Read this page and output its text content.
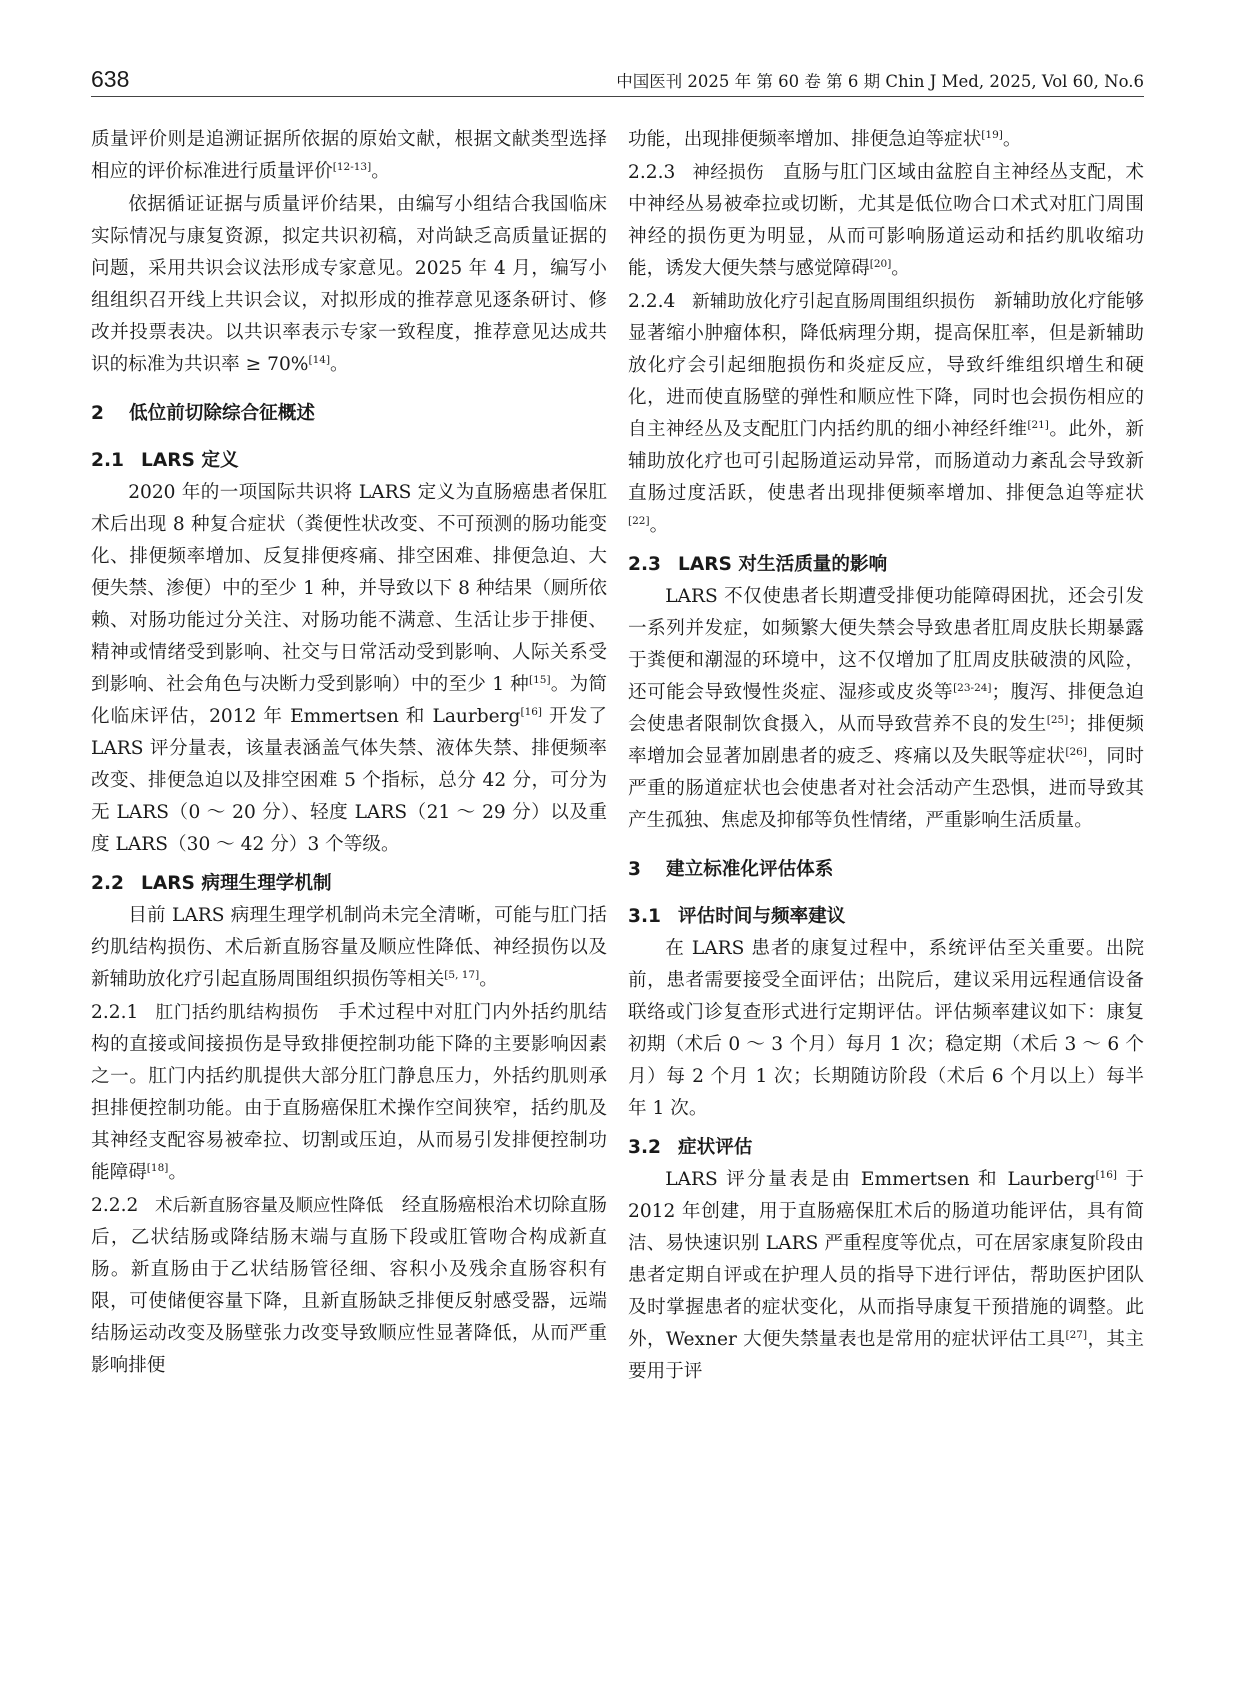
638	中国医刊 2025 年 第 60 卷 第 6 期 Chin J Med, 2025, Vol 60, No.6

质量评价则是追溯证据所依据的原始文献，根据文献类型选择相应的评价标准进行质量评价[12-13]。

依据循证证据与质量评价结果，由编写小组结合我国临床实际情况与康复资源，拟定共识初稿，对尚缺乏高质量证据的问题，采用共识会议法形成专家意见。2025 年 4 月，编写小组组织召开线上共识会议，对拟形成的推荐意见逐条研讨、修改并投票表决。以共识率表示专家一致程度，推荐意见达成共识的标准为共识率 ≥ 70%[14]。

2 低位前切除综合征概述
2.1 LARS 定义

2020 年的一项国际共识将 LARS 定义为直肠癌患者保肛术后出现 8 种复合症状（粪便性状改变、不可预测的肠功能变化、排便频率增加、反复排便疼痛、排空困难、排便急迫、大便失禁、渗便）中的至少 1 种，并导致以下 8 种结果（厕所依赖、对肠功能过分关注、对肠功能不满意、生活让步于排便、精神或情绪受到影响、社交与日常活动受到影响、人际关系受到影响、社会角色与决断力受到影响）中的至少 1 种[15]。为简化临床评估，2012 年 Emmertsen 和 Laurberg[16] 开发了 LARS 评分量表，该量表涵盖气体失禁、液体失禁、排便频率改变、排便急迫以及排空困难 5 个指标，总分 42 分，可分为无 LARS（0 ～ 20 分）、轻度 LARS（21 ～ 29 分）以及重度 LARS（30 ～ 42 分）3 个等级。

2.2 LARS 病理生理学机制

目前 LARS 病理生理学机制尚未完全清晰，可能与肛门括约肌结构损伤、术后新直肠容量及顺应性降低、神经损伤以及新辅助放化疗引起直肠周围组织损伤等相关[5, 17]。

2.2.1 肛门括约肌结构损伤　 手术过程中对肛门内外括约肌结构的直接或间接损伤是导致排便控制功能下降的主要影响因素之一。肛门内括约肌提供大部分肛门静息压力，外括约肌则承担排便控制功能。由于直肠癌保肛术操作空间狭窄，括约肌及其神经支配容易被牵拉、切割或压迫，从而易引发排便控制功能障碍[18]。

2.2.2 术后新直肠容量及顺应性降低　 经直肠癌根治术切除直肠后，乙状结肠或降结肠末端与直肠下段或肛管吻合构成新直肠。新直肠由于乙状结肠管径细、容积小及残余直肠容积有限，可使储便容量下降，且新直肠缺乏排便反射感受器，远端结肠运动改变及肠壁张力改变导致顺应性显著降低，从而严重影响排便

功能，出现排便频率增加、排便急迫等症状[19]。

2.2.3 神经损伤　 直肠与肛门区域由盆腔自主神经丛支配，术中神经丛易被牵拉或切断，尤其是低位吻合口术式对肛门周围神经的损伤更为明显，从而可影响肠道运动和括约肌收缩功能，诱发大便失禁与感觉障碍[20]。

2.2.4 新辅助放化疗引起直肠周围组织损伤　 新辅助放化疗能够显著缩小肿瘤体积，降低病理分期，提高保肛率，但是新辅助放化疗会引起细胞损伤和炎症反应，导致纤维组织增生和硬化，进而使直肠壁的弹性和顺应性下降，同时也会损伤相应的自主神经丛及支配肛门内括约肌的细小神经纤维[21]。此外，新辅助放化疗也可引起肠道运动异常，而肠道动力紊乱会导致新直肠过度活跃，使患者出现排便频率增加、排便急迫等症状[22]。

2.3 LARS 对生活质量的影响

LARS 不仅使患者长期遭受排便功能障碍困扰，还会引发一系列并发症，如频繁大便失禁会导致患者肛周皮肤长期暴露于粪便和潮湿的环境中，这不仅增加了肛周皮肤破溃的风险，还可能会导致慢性炎症、湿疹或皮炎等[23-24]；腹泻、排便急迫会使患者限制饮食摄入，从而导致营养不良的发生[25]；排便频率增加会显著加剧患者的疲乏、疼痛以及失眠等症状[26]，同时严重的肠道症状也会使患者对社会活动产生恐惧，进而导致其产生孤独、焦虑及抑郁等负性情绪，严重影响生活质量。

3 建立标准化评估体系
3.1 评估时间与频率建议

在 LARS 患者的康复过程中，系统评估至关重要。出院前，患者需要接受全面评估；出院后，建议采用远程通信设备联络或门诊复查形式进行定期评估。评估频率建议如下：康复初期（术后 0 ～ 3 个月）每月 1 次；稳定期（术后 3 ～ 6 个月）每 2 个月 1 次；长期随访阶段（术后 6 个月以上）每半年 1 次。

3.2 症状评估

LARS 评分量表是由 Emmertsen 和 Laurberg[16] 于 2012 年创建，用于直肠癌保肛术后的肠道功能评估，具有简洁、易快速识别 LARS 严重程度等优点，可在居家康复阶段由患者定期自评或在护理人员的指导下进行评估，帮助医护团队及时掌握患者的症状变化，从而指导康复干预措施的调整。此外，Wexner 大便失禁量表也是常用的症状评估工具[27]，其主要用于评
